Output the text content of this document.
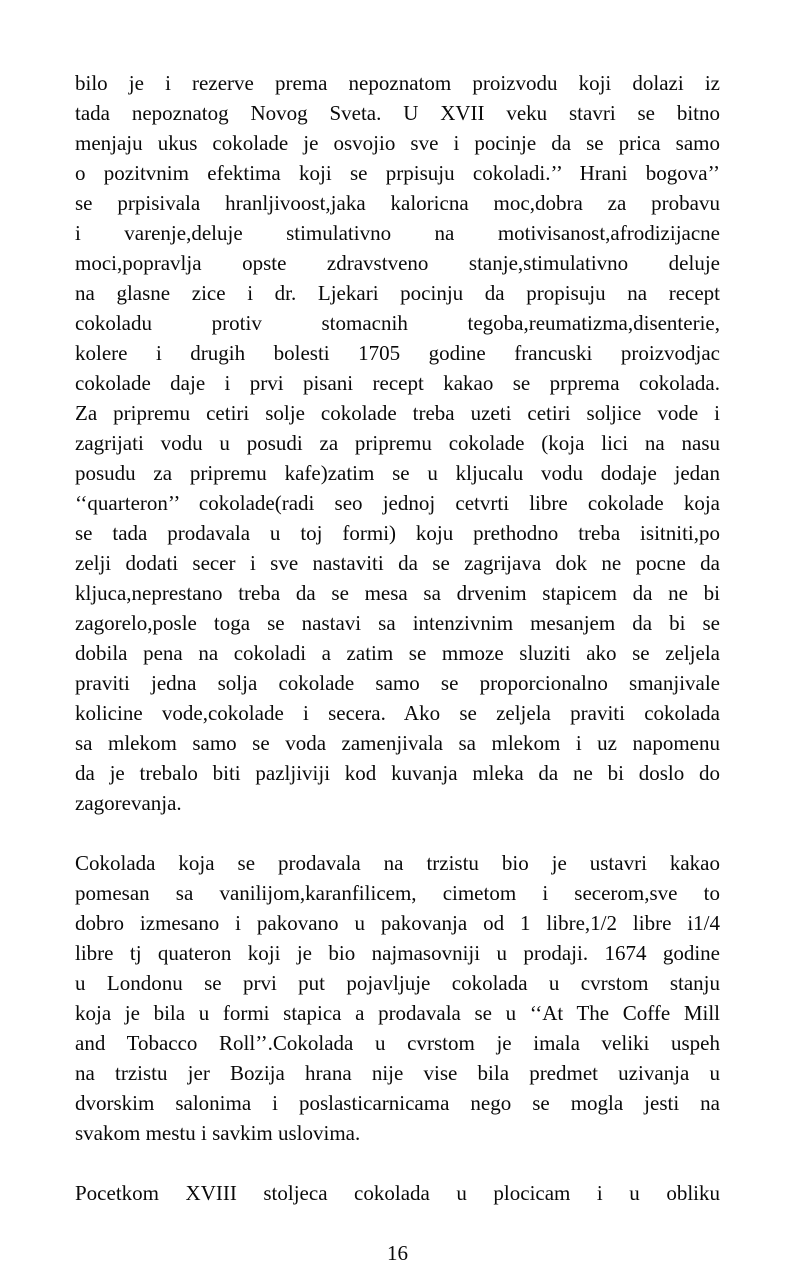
bilo je i rezerve prema nepoznatom proizvodu koji dolazi iz
tada nepoznatog Novog Sveta. U XVII veku stavri se bitno
menjaju ukus cokolade je osvojio sve i pocinje da se prica samo
o pozitvnim efektima koji se prpisuju cokoladi.’’ Hrani bogova’’
se prpisivala hranljivoost,jaka kaloricna moc,dobra za probavu
i varenje,deluje stimulativno na motivisanost,afrodizijacne
moci,popravlja opste zdravstveno stanje,stimulativno deluje
na glasne zice i dr. Ljekari pocinju da propisuju na recept
cokoladu protiv stomacnih tegoba,reumatizma,disenterie,
kolere i drugih bolesti 1705 godine francuski proizvodjac
cokolade daje i prvi pisani recept kakao se prprema cokolada.
Za pripremu cetiri solje cokolade treba uzeti cetiri soljice vode i
zagrijati vodu u posudi za pripremu cokolade (koja lici na nasu
posudu za pripremu kafe)zatim se u kljucalu vodu dodaje jedan
‘‘quarteron’’ cokolade(radi seo jednoj cetvrti libre cokolade koja
se tada prodavala u toj formi) koju prethodno treba isitniti,po
zelji dodati secer i sve nastaviti da se zagrijava dok ne pocne da
kljuca,neprestano treba da se mesa sa drvenim stapicem da ne bi
zagorelo,posle toga se nastavi sa intenzivnim mesanjem da bi se
dobila pena na cokoladi a zatim se mmoze sluziti ako se zeljela
praviti jedna solja cokolade samo se proporcionalno smanjivale
kolicine vode,cokolade i secera. Ako se zeljela praviti cokolada
sa mlekom samo se voda zamenjivala sa mlekom i uz napomenu
da je trebalo biti pazljiviji kod kuvanja mleka da ne bi doslo do
zagorevanja.
Cokolada koja se prodavala na trzistu bio je ustavri kakao
pomesan sa vanilijom,karanfilicem, cimetom i secerom,sve to
dobro izmesano i pakovano u pakovanja od 1 libre,1/2 libre i1/4
libre tj quateron koji je bio najmasovniji u prodaji. 1674 godine
u Londonu se prvi put pojavljuje cokolada u cvrstom stanju
koja je bila u formi stapica a prodavala se u ‘‘At The Coffe Mill
and Tobacco Roll’’.Cokolada u cvrstom je imala veliki uspeh
na trzistu jer Bozija hrana nije vise bila predmet uzivanja u
dvorskim salonima i poslasticarnicama nego se mogla jesti na
svakom mestu i savkim uslovima.
Pocetkom XVIII stoljeca cokolada u plocicam i u obliku
16
